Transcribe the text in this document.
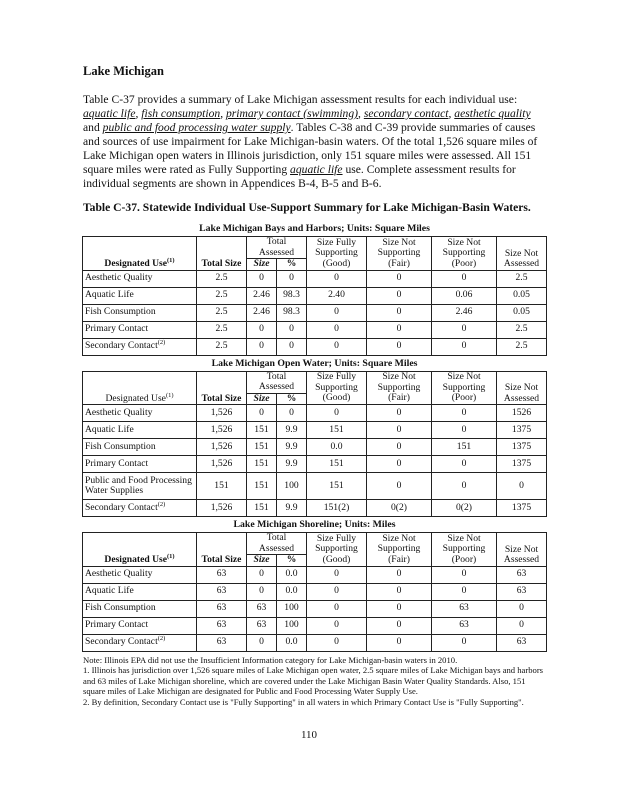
Lake Michigan
Table C-37 provides a summary of Lake Michigan assessment results for each individual use: aquatic life, fish consumption, primary contact (swimming), secondary contact, aesthetic quality and public and food processing water supply. Tables C-38 and C-39 provide summaries of causes and sources of use impairment for Lake Michigan-basin waters. Of the total 1,526 square miles of Lake Michigan open waters in Illinois jurisdiction, only 151 square miles were assessed. All 151 square miles were rated as Fully Supporting aquatic life use. Complete assessment results for individual segments are shown in Appendices B-4, B-5 and B-6.
Table C-37. Statewide Individual Use-Support Summary for Lake Michigan-Basin Waters.
Lake Michigan Bays and Harbors; Units: Square Miles							
Designated Use$^{(1)}$	Total Size	Total Assessed		Size Fully Supporting (Good)	Size Not Supporting (Fair)	Size Not Supporting (Poor)	Size Not Assessed
		Size	%				
Aesthetic Quality	2.5	0	0	0	0	0	2.5
Aquatic Life	2.5	2.46	98.3	2.40	0	0.06	0.05
Fish Consumption	2.5	2.46	98.3	0	0	2.46	0.05
Primary Contact	2.5	0	0	0	0	0	2.5
Secondary Contact$^{(2)}$	2.5	0	0	0	0	0	2.5
Lake Michigan Open Water; Units: Square Miles							
Designated Use$^{(1)}$	Total Size	Total Assessed		Size Fully Supporting (Good)	Size Not Supporting (Fair)	Size Not Supporting (Poor)	Size Not Assessed
		Size	%				
Aesthetic Quality	1,526	0	0	0	0	0	1526
Aquatic Life	1,526	151	9.9	151	0	0	1375
Fish Consumption	1,526	151	9.9	0.0	0	151	1375
Primary Contact	1,526	151	9.9	151	0	0	1375
Public and Food Processing Water Supplies	151	151	100	151	0	0	0
Secondary Contact$^{(2)}$	1,526	151	9.9	151(2)	0(2)	0(2)	1375
Lake Michigan Shoreline; Units: Miles							
Designated Use$^{(1)}$	Total Size	Total Assessed		Size Fully Supporting (Good)	Size Not Supporting (Fair)	Size Not Supporting (Poor)	Size Not Assessed
		Size	%				
Aesthetic Quality	63	0	0.0	0	0	0	63
Aquatic Life	63	0	0.0	0	0	0	63
Fish Consumption	63	63	100	0	0	63	0
Primary Contact	63	63	100	0	0	63	0
Secondary Contact$^{(2)}$	63	0	0.0	0	0	0	63
Note: Illinois EPA did not use the Insufficient Information category for Lake Michigan-basin waters in 2010.
1. Illinois has jurisdiction over 1,526 square miles of Lake Michigan open water, 2.5 square miles of Lake Michigan bays and harbors and 63 miles of Lake Michigan shoreline, which are covered under the Lake Michigan Basin Water Quality Standards. Also, 151 square miles of Lake Michigan are designated for Public and Food Processing Water Supply Use.
2. By definition, Secondary Contact use is "Fully Supporting" in all waters in which Primary Contact Use is "Fully Supporting".
110
